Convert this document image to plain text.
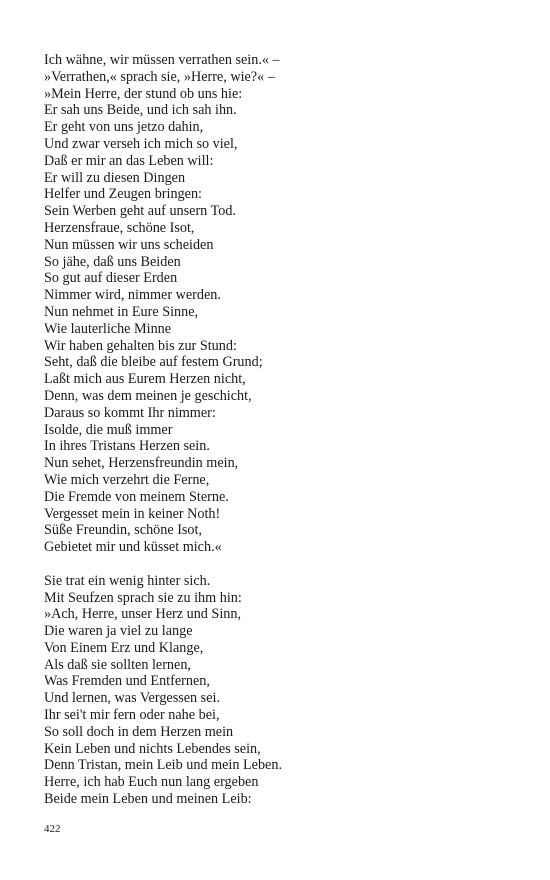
Ich wähne, wir müssen verrathen sein.« –
»Verrathen,« sprach sie, »Herre, wie?« –
»Mein Herre, der stund ob uns hie:
Er sah uns Beide, und ich sah ihn.
Er geht von uns jetzo dahin,
Und zwar verseh ich mich so viel,
Daß er mir an das Leben will:
Er will zu diesen Dingen
Helfer und Zeugen bringen:
Sein Werben geht auf unsern Tod.
Herzensfraue, schöne Isot,
Nun müssen wir uns scheiden
So jähe, daß uns Beiden
So gut auf dieser Erden
Nimmer wird, nimmer werden.
Nun nehmet in Eure Sinne,
Wie lauterliche Minne
Wir haben gehalten bis zur Stund:
Seht, daß die bleibe auf festem Grund;
Laßt mich aus Eurem Herzen nicht,
Denn, was dem meinen je geschicht,
Daraus so kommt Ihr nimmer:
Isolde, die muß immer
In ihres Tristans Herzen sein.
Nun sehet, Herzensfreundin mein,
Wie mich verzehrt die Ferne,
Die Fremde von meinem Sterne.
Vergesset mein in keiner Noth!
Süße Freundin, schöne Isot,
Gebietet mir und küsset mich.«
Sie trat ein wenig hinter sich.
Mit Seufzen sprach sie zu ihm hin:
»Ach, Herre, unser Herz und Sinn,
Die waren ja viel zu lange
Von Einem Erz und Klange,
Als daß sie sollten lernen,
Was Fremden und Entfernen,
Und lernen, was Vergessen sei.
Ihr sei't mir fern oder nahe bei,
So soll doch in dem Herzen mein
Kein Leben und nichts Lebendes sein,
Denn Tristan, mein Leib und mein Leben.
Herre, ich hab Euch nun lang ergeben
Beide mein Leben und meinen Leib:
422
